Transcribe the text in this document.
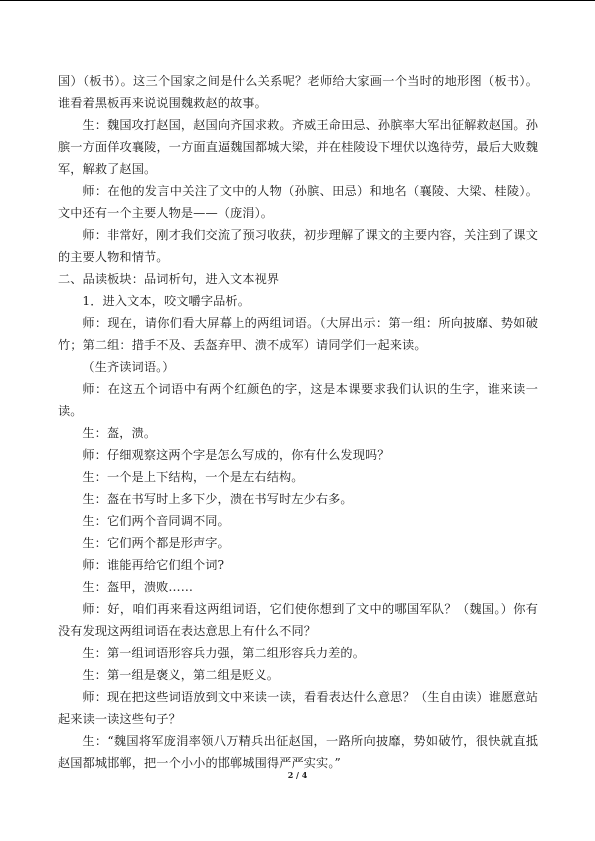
国）（板书）。这三个国家之间是什么关系呢？老师给大家画一个当时的地形图（板书）。谁看着黑板再来说说围魏救赵的故事。

生：魏国攻打赵国，赵国向齐国求救。齐威王命田忌、孙膑率大军出征解救赵国。孙膑一方面佯攻襄陵，一方面直逼魏国都城大梁，并在桂陵设下埋伏以逸待劳，最后大败魏军，解救了赵国。

师：在他的发言中关注了文中的人物（孙膑、田忌）和地名（襄陵、大梁、桂陵）。文中还有一个主要人物是——（庞涓）。

师：非常好，刚才我们交流了预习收获，初步理解了课文的主要内容，关注到了课文的主要人物和情节。

二、品读板块：品词析句，进入文本视界

1．进入文本，咬文嚼字品析。

师：现在，请你们看大屏幕上的两组词语。（大屏出示：第一组：所向披靡、势如破竹；第二组：措手不及、丢盔弃甲、溃不成军）请同学们一起来读。

（生齐读词语。）

师：在这五个词语中有两个红颜色的字，这是本课要求我们认识的生字，谁来读一读。

生：盔，溃。

师：仔细观察这两个字是怎么写成的，你有什么发现吗？

生：一个是上下结构，一个是左右结构。

生：盔在书写时上多下少，溃在书写时左少右多。

生：它们两个音同调不同。

生：它们两个都是形声字。

师：谁能再给它们组个词?

生：盔甲，溃败……

师：好，咱们再来看这两组词语，它们使你想到了文中的哪国军队？（魏国。）你有没有发现这两组词语在表达意思上有什么不同？

生：第一组词语形容兵力强，第二组形容兵力差的。

生：第一组是褒义，第二组是贬义。

师：现在把这些词语放到文中来读一读，看看表达什么意思？（生自由读）谁愿意站起来读一读这些句子？

生：“魏国将军庞涓率领八万精兵出征赵国，一路所向披靡，势如破竹，很快就直抵赵国都城邯郸，把一个小小的邯郸城围得严严实实。”

2 / 4
